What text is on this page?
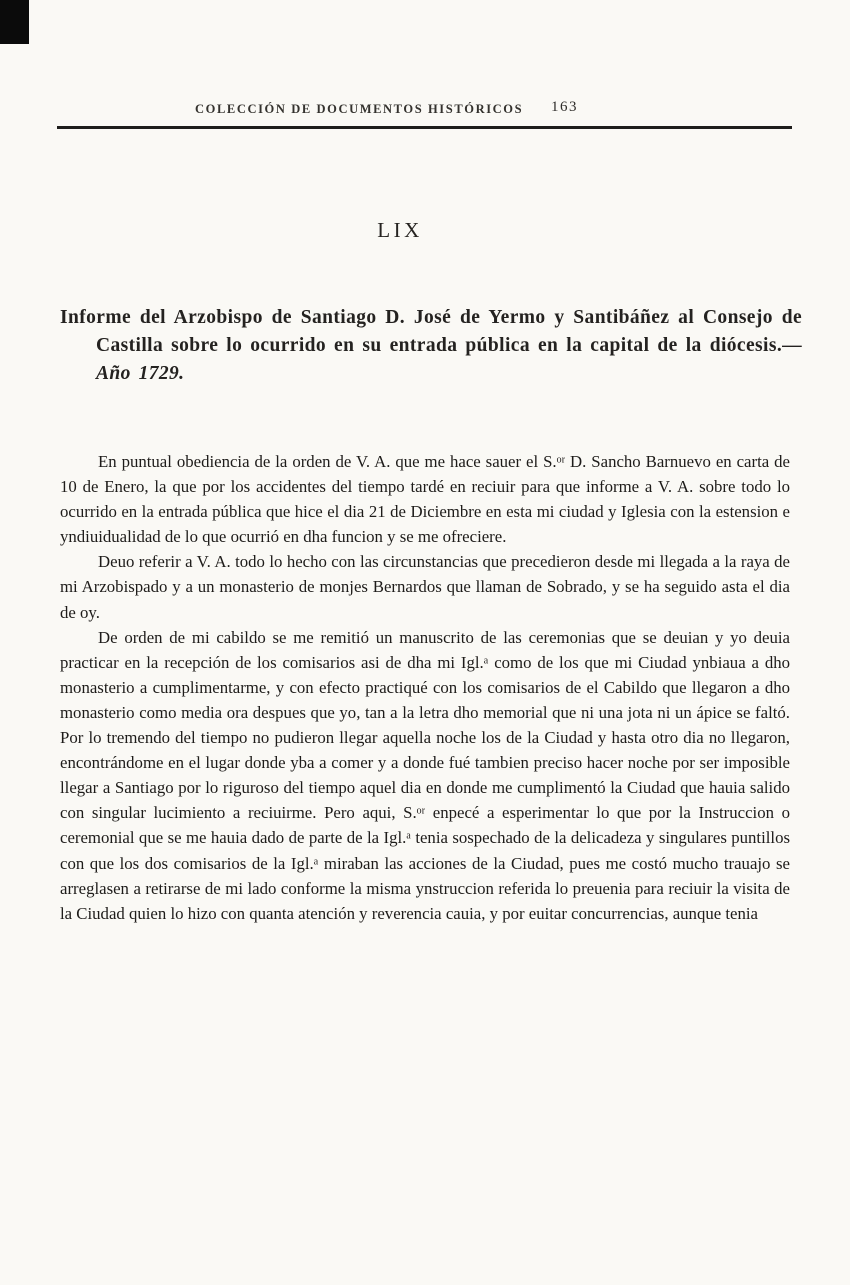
COLECCIÓN DE DOCUMENTOS HISTÓRICOS 163
LIX
Informe del Arzobispo de Santiago D. José de Yermo y Santibáñez al Consejo de Castilla sobre lo ocurrido en su entrada pública en la capital de la diócesis.—Año 1729.

En puntual obediencia de la orden de V. A. que me hace sauer el S.ᵒʳ D. Sancho Barnuevo en carta de 10 de Enero, la que por los accidentes del tiempo tardé en reciuir para que informe a V. A. sobre todo lo ocurrido en la entrada pública que hice el dia 21 de Diciembre en esta mi ciudad y Iglesia con la estension e yndiuidualidad de lo que ocurrió en dha funcion y se me ofreciere.

Deuo referir a V. A. todo lo hecho con las circunstancias que precedieron desde mi llegada a la raya de mi Arzobispado y a un monasterio de monjes Bernardos que llaman de Sobrado, y se ha seguido asta el dia de oy.

De orden de mi cabildo se me remitió un manuscrito de las ceremonias que se deuian y yo deuia practicar en la recepción de los comisarios asi de dha mi Igl.ᵃ como de los que mi Ciudad ynbiaua a dho monasterio a cumplimentarme, y con efecto practiqué con los comisarios de el Cabildo que llegaron a dho monasterio como media ora despues que yo, tan a la letra dho memorial que ni una jota ni un ápice se faltó. Por lo tremendo del tiempo no pudieron llegar aquella noche los de la Ciudad y hasta otro dia no llegaron, encontrándome en el lugar donde yba a comer y a donde fué tambien preciso hacer noche por ser imposible llegar a Santiago por lo riguroso del tiempo aquel dia en donde me cumplimentó la Ciudad que hauia salido con singular lucimiento a reciuirme. Pero aqui, S.ᵒʳ enpecé a esperimentar lo que por la Instruccion o ceremonial que se me hauia dado de parte de la Igl.ᵃ tenia sospechado de la delicadeza y singulares puntillos con que los dos comisarios de la Igl.ᵃ miraban las acciones de la Ciudad, pues me costó mucho trauajo se arreglasen a retirarse de mi lado conforme la misma ynstruccion referida lo preuenia para reciuir la visita de la Ciudad quien lo hizo con quanta atención y reverencia cauia, y por euitar concurrencias, aunque tenia
